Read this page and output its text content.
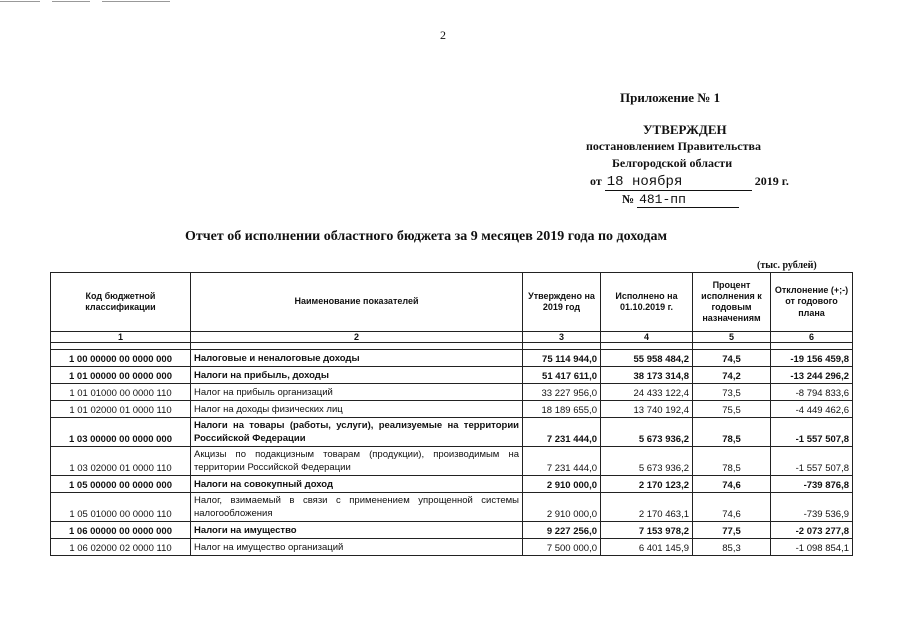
2
Приложение № 1
УТВЕРЖДЕН
постановлением Правительства
Белгородской области
от 18 ноября	2019 г.
№ 481-пп
Отчет об исполнении областного бюджета за 9 месяцев 2019 года по доходам
(тыс. рублей)
Код бюджетной классификации	Наименование показателей	Утверждено на 2019 год	Исполнено на 01.10.2019 г.	Процент исполнения к годовым назначениям	Отклонение (+;-) от годового плана
1	2	3	4	5	6

1 00 00000 00 0000 000	Налоговые и неналоговые доходы	75 114 944,0	55 958 484,2	74,5	-19 156 459,8
1 01 00000 00 0000 000	Налоги на прибыль, доходы	51 417 611,0	38 173 314,8	74,2	-13 244 296,2
1 01 01000 00 0000 110	Налог на прибыль организаций	33 227 956,0	24 433 122,4	73,5	-8 794 833,6
1 01 02000 01 0000 110	Налог на доходы физических лиц	18 189 655,0	13 740 192,4	75,5	-4 449 462,6
1 03 00000 00 0000 000	Налоги на товары (работы, услуги), реализуемые на территории Российской Федерации	7 231 444,0	5 673 936,2	78,5	-1 557 507,8
1 03 02000 01 0000 110	Акцизы по подакцизным товарам (продукции), производимым на территории Российской Федерации	7 231 444,0	5 673 936,2	78,5	-1 557 507,8
1 05 00000 00 0000 000	Налоги на совокупный доход	2 910 000,0	2 170 123,2	74,6	-739 876,8
1 05 01000 00 0000 110	Налог, взимаемый в связи с применением упрощенной системы налогообложения	2 910 000,0	2 170 463,1	74,6	-739 536,9
1 06 00000 00 0000 000	Налоги на имущество	9 227 256,0	7 153 978,2	77,5	-2 073 277,8
1 06 02000 02 0000 110	Налог на имущество организаций	7 500 000,0	6 401 145,9	85,3	-1 098 854,1
